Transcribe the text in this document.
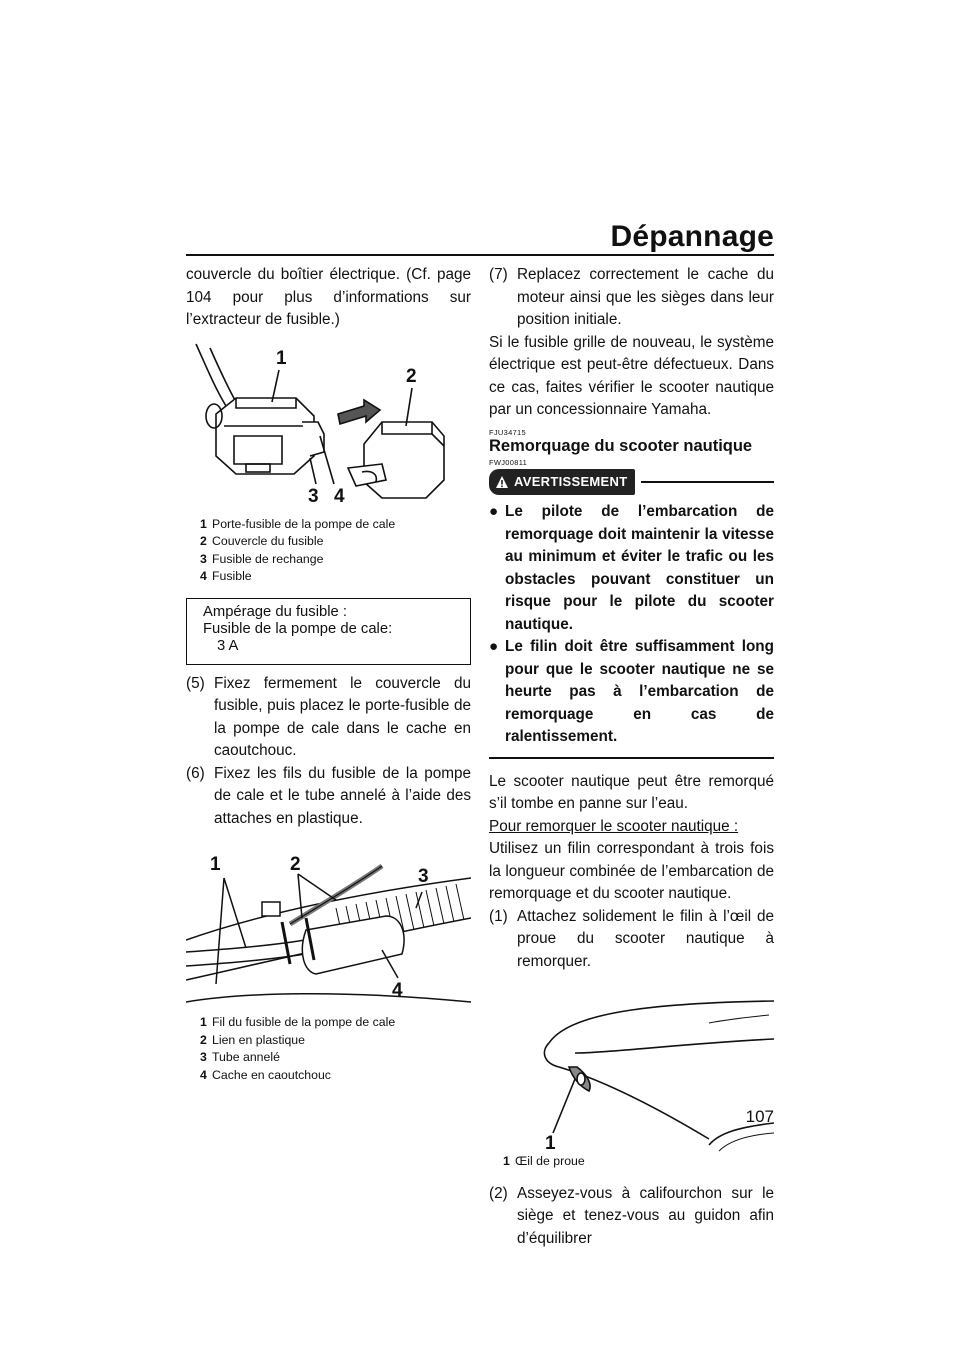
Dépannage

couvercle du boîtier électrique. (Cf. page 104 pour plus d’informations sur l’extracteur de fusible.)

1
2
3 4
1 Porte-fusible de la pompe de cale
2 Couvercle du fusible
3 Fusible de rechange
4 Fusible
Ampérage du fusible :
Fusible de la pompe de cale:
3 A
(5) Fixez fermement le couvercle du fusible, puis placez le porte-fusible de la pompe de cale dans le cache en caoutchouc.
(6) Fixez les fils du fusible de la pompe de cale et le tube annelé à l’aide des attaches en plastique.
1	2
3
4
1 Fil du fusible de la pompe de cale
2 Lien en plastique
3 Tube annelé
4 Cache en caoutchouc
(7) Replacez correctement le cache du moteur ainsi que les sièges dans leur position initiale.

Si le fusible grille de nouveau, le système électrique est peut-être défectueux. Dans ce cas, faites vérifier le scooter nautique par un concessionnaire Yamaha.

FJU34715
Remorquage du scooter nautique
FWJ00811
AVERTISSEMENT
● Le pilote de l’embarcation de remorquage doit maintenir la vitesse au minimum et éviter le trafic ou les obstacles pouvant constituer un risque pour le pilote du scooter nautique.
● Le filin doit être suffisamment long pour que le scooter nautique ne se heurte pas à l’embarcation de remorquage en cas de ralentissement.

Le scooter nautique peut être remorqué s’il tombe en panne sur l’eau.

Pour remorquer le scooter nautique :

Utilisez un filin correspondant à trois fois la longueur combinée de l’embarcation de remorquage et du scooter nautique.

(1) Attachez solidement le filin à l’œil de proue du scooter nautique à remorquer.
1
1 Œil de proue
(2) Asseyez-vous à califourchon sur le siège et tenez-vous au guidon afin d’équilibrer
107
